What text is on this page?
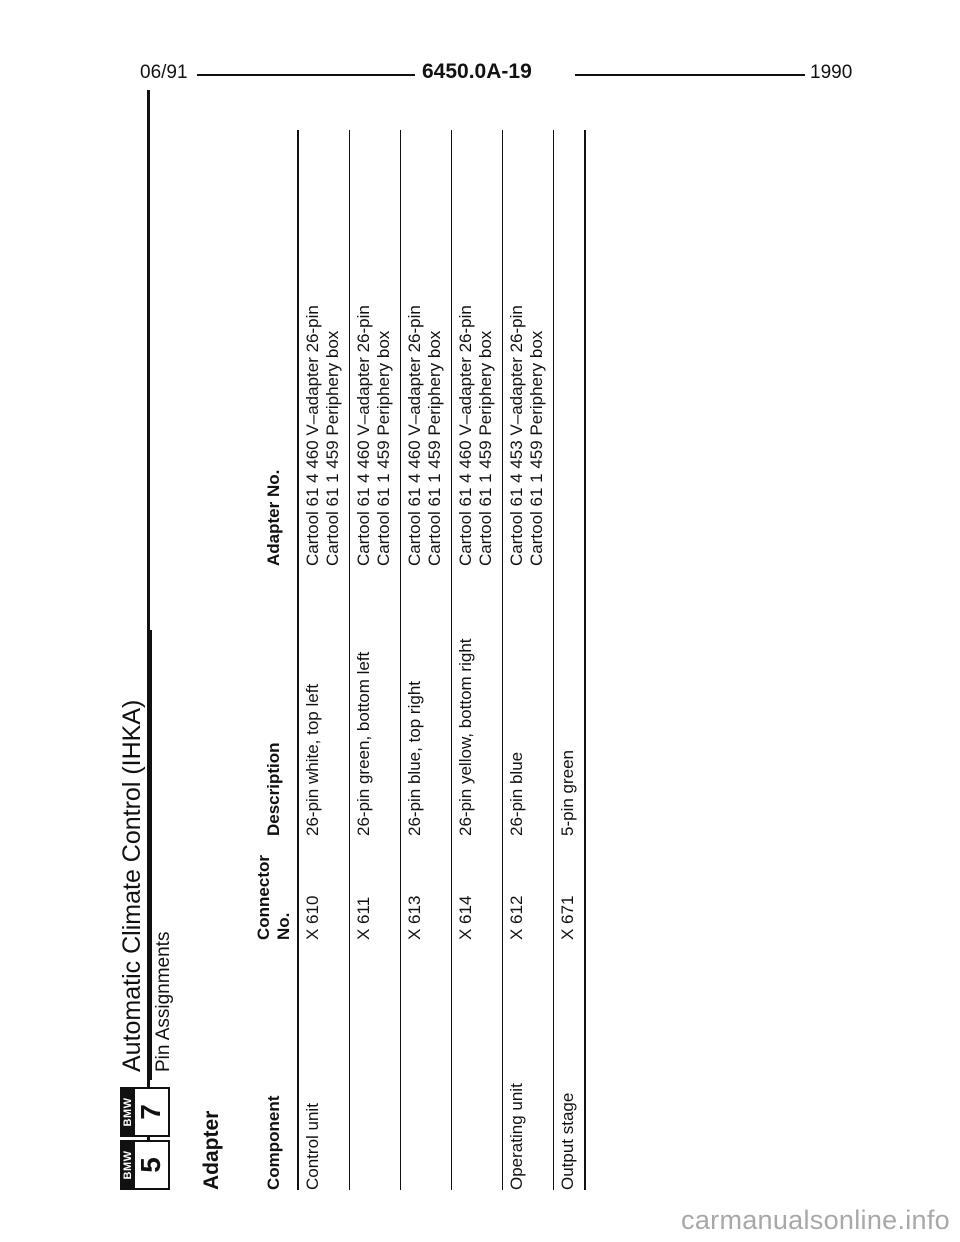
06/91	6450.0A-19	1990
BMW 5
BMW 7
Automatic Climate Control (IHKA) Pin Assignments
Adapter Component	Connector No.	Description	Adapter No.
Control unit	X 610	26-pin white, top left	Cartool 61 4 460 V–adapter 26-pin Cartool 61 1 459 Periphery box

	X 611	26-pin green, bottom left	Cartool 61 4 460 V–adapter 26-pin Cartool 61 1 459 Periphery box

	X 613	26-pin blue, top right	Cartool 61 4 460 V–adapter 26-pin Cartool 61 1 459 Periphery box

	X 614	26-pin yellow, bottom right	Cartool 61 4 460 V–adapter 26-pin Cartool 61 1 459 Periphery box

Operating unit	X 612	26-pin blue	Cartool 61 4 453 V–adapter 26-pin Cartool 61 1 459 Periphery box

Output stage	X 671	5-pin green	
carmanualsonline.info
